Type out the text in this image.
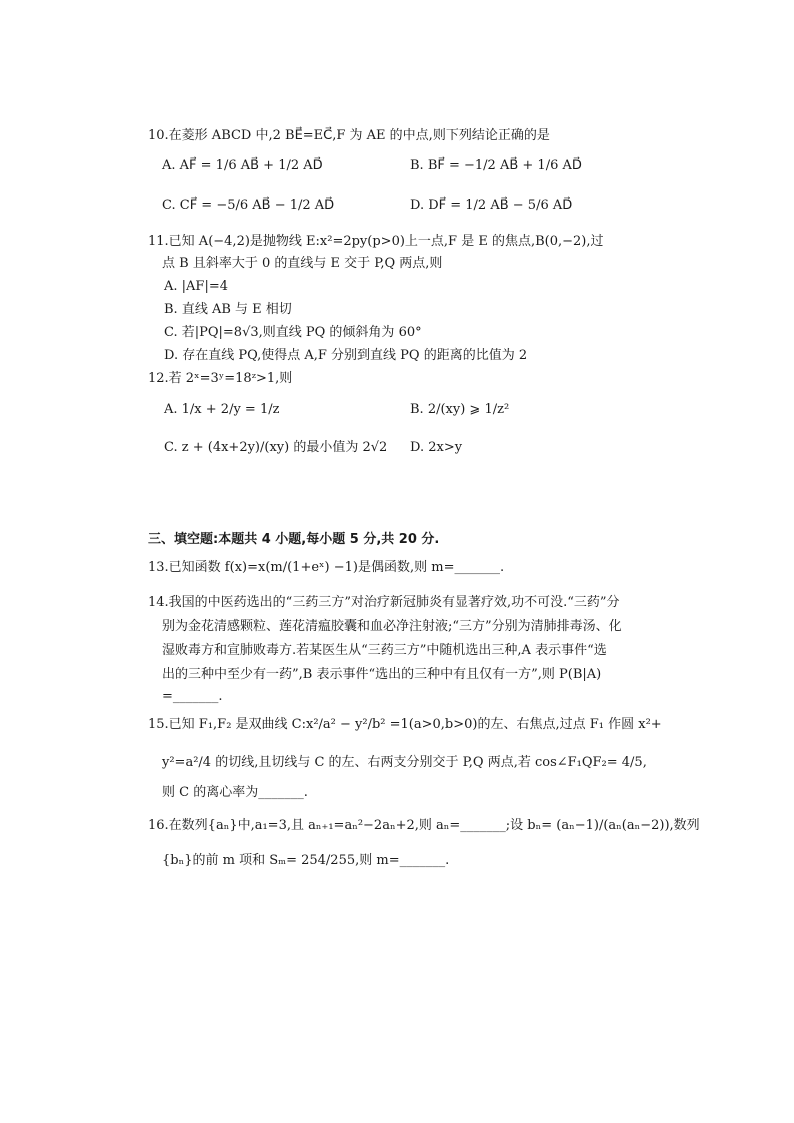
10.在菱形 ABCD 中,2 BE⃗=EC⃗,F 为 AE 的中点,则下列结论正确的是
A. AF⃗ = 1/6 AB⃗ + 1/2 AD⃗	B. BF⃗ = −1/2 AB⃗ + 1/6 AD⃗
C. CF⃗ = −5/6 AB⃗ − 1/2 AD⃗	D. DF⃗ = 1/2 AB⃗ − 5/6 AD⃗
11.已知 A(−4,2)是抛物线 E:x²=2py(p>0)上一点,F 是 E 的焦点,B(0,−2),过
点 B 且斜率大于 0 的直线与 E 交于 P,Q 两点,则
A. |AF|=4
B. 直线 AB 与 E 相切
C. 若|PQ|=8√3,则直线 PQ 的倾斜角为 60°
D. 存在直线 PQ,使得点 A,F 分别到直线 PQ 的距离的比值为 2
12.若 2ˣ=3ʸ=18ᶻ>1,则
A. 1/x + 2/y = 1/z	B. 2/(xy) ⩾ 1/z²
C. z + (4x+2y)/(xy) 的最小值为 2√2 D. 2x>y
三、填空题:本题共 4 小题,每小题 5 分,共 20 分.
13.已知函数 f(x)=x(m/(1+eˣ) −1)是偶函数,则 m=_______.
14.我国的中医药选出的“三药三方”对治疗新冠肺炎有显著疗效,功不可没.“三药”分
别为金花清感颗粒、莲花清瘟胶囊和血必净注射液;“三方”分别为清肺排毒汤、化
湿败毒方和宣肺败毒方.若某医生从“三药三方”中随机选出三种,A 表示事件“选
出的三种中至少有一药”,B 表示事件“选出的三种中有且仅有一方”,则 P(B|A)
=_______.
15.已知 F₁,F₂ 是双曲线 C:x²/a² − y²/b² =1(a>0,b>0)的左、右焦点,过点 F₁ 作圆 x²+
y²=a²/4 的切线,且切线与 C 的左、右两支分别交于 P,Q 两点,若 cos∠F₁QF₂= 4/5,
则 C 的离心率为_______.
16.在数列{aₙ}中,a₁=3,且 aₙ₊₁=aₙ²−2aₙ+2,则 aₙ=_______;设 bₙ= (aₙ−1)/(aₙ(aₙ−2)),数列
{bₙ}的前 m 项和 Sₘ= 254/255,则 m=_______.
